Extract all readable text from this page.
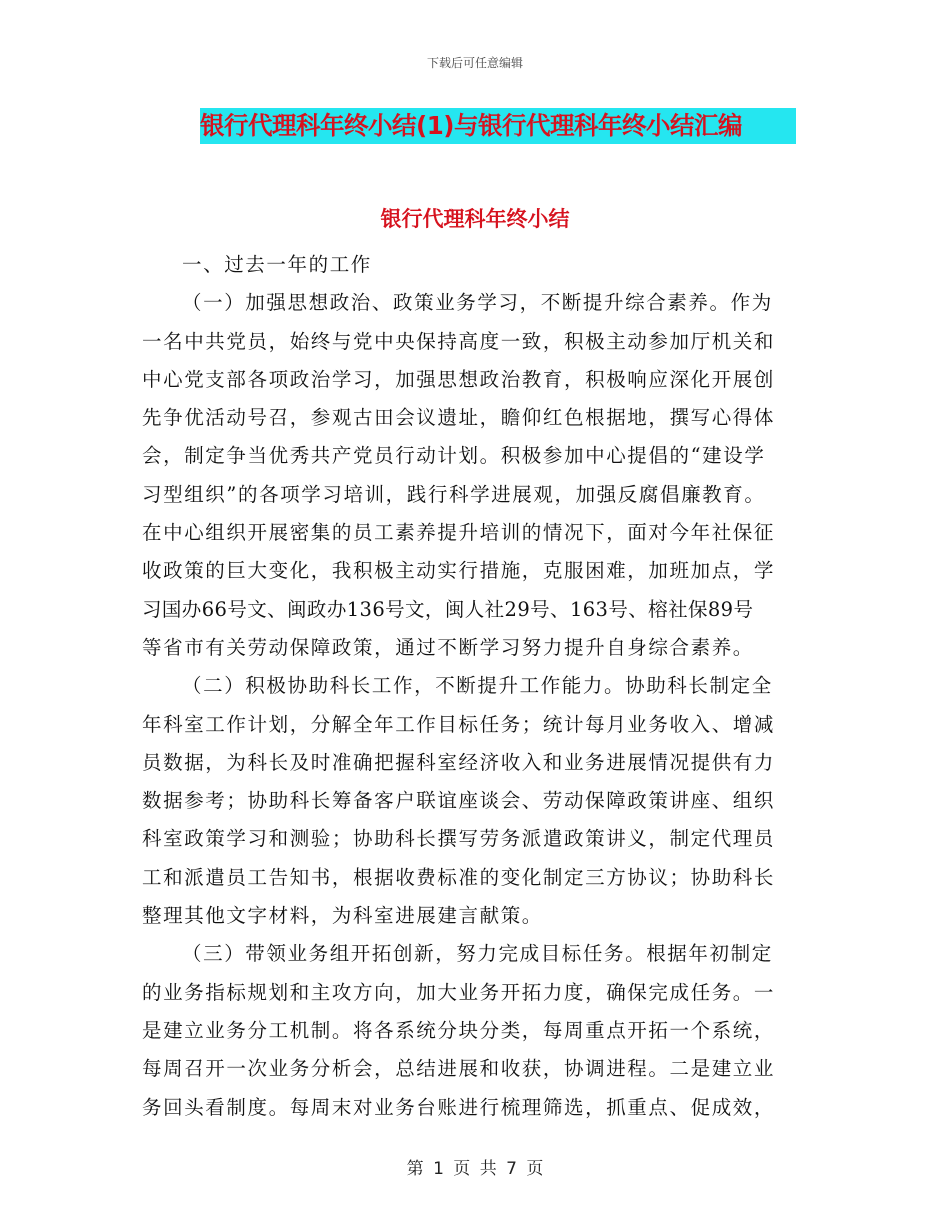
下载后可任意编辑
银行代理科年终小结(1)与银行代理科年终小结汇编
银行代理科年终小结

一、过去一年的工作

（一）加强思想政治、政策业务学习，不断提升综合素养。作为

一名中共党员，始终与党中央保持高度一致，积极主动参加厅机关和

中心党支部各项政治学习，加强思想政治教育，积极响应深化开展创

先争优活动号召，参观古田会议遗址，瞻仰红色根据地，撰写心得体

会，制定争当优秀共产党员行动计划。积极参加中心提倡的“建设学

习型组织”的各项学习培训，践行科学进展观，加强反腐倡廉教育。

在中心组织开展密集的员工素养提升培训的情况下，面对今年社保征

收政策的巨大变化，我积极主动实行措施，克服困难，加班加点，学

习国办66号文、闽政办136号文，闽人社29号、163号、榕社保89号

等省市有关劳动保障政策，通过不断学习努力提升自身综合素养。

（二）积极协助科长工作，不断提升工作能力。协助科长制定全

年科室工作计划，分解全年工作目标任务；统计每月业务收入、增减

员数据，为科长及时准确把握科室经济收入和业务进展情况提供有力

数据参考；协助科长筹备客户联谊座谈会、劳动保障政策讲座、组织

科室政策学习和测验；协助科长撰写劳务派遣政策讲义，制定代理员

工和派遣员工告知书，根据收费标准的变化制定三方协议；协助科长

整理其他文字材料，为科室进展建言献策。

（三）带领业务组开拓创新，努力完成目标任务。根据年初制定

的业务指标规划和主攻方向，加大业务开拓力度，确保完成任务。一

是建立业务分工机制。将各系统分块分类，每周重点开拓一个系统，

每周召开一次业务分析会，总结进展和收获，协调进程。二是建立业

务回头看制度。每周末对业务台账进行梳理筛选，抓重点、促成效，

第 1 页 共 7 页
